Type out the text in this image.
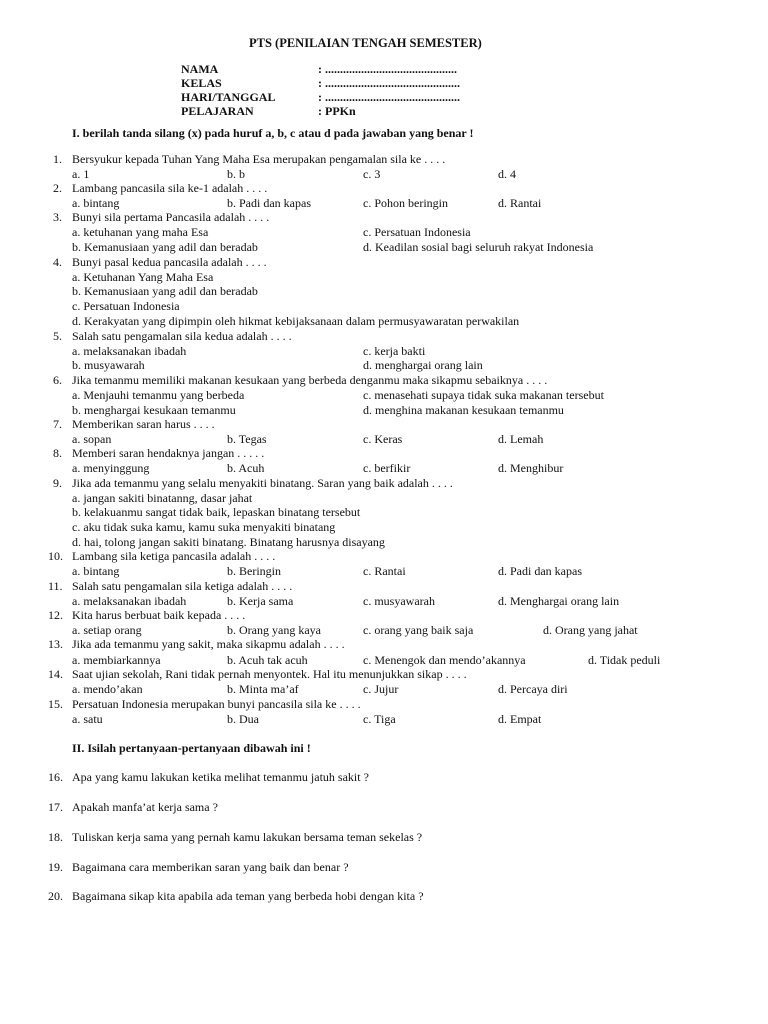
PTS (PENILAIAN TENGAH SEMESTER)
NAMA	: ............................................
KELAS	: .............................................
HARI/TANGGAL	: .............................................
PELAJARAN	: PPKn
I. berilah tanda silang (x) pada huruf a, b, c atau d pada jawaban yang benar !
1. Bersyukur kepada Tuhan Yang Maha Esa merupakan pengamalan sila ke . . . .
a. 1	b. b	c. 3	d. 4
2. Lambang pancasila sila ke-1 adalah . . . .
a. bintang	b. Padi dan kapas	c. Pohon beringin	d. Rantai
3. Bunyi sila pertama Pancasila adalah . . . .
a. ketuhanan yang maha Esa	c. Persatuan Indonesia
b. Kemanusiaan yang adil dan beradab	d. Keadilan sosial bagi seluruh rakyat Indonesia
4. Bunyi pasal kedua pancasila adalah . . . .
a. Ketuhanan Yang Maha Esa
b. Kemanusiaan yang adil dan beradab
c. Persatuan Indonesia
d. Kerakyatan yang dipimpin oleh hikmat kebijaksanaan dalam permusyawaratan perwakilan
5. Salah satu pengamalan sila kedua adalah . . . .
a. melaksanakan ibadah	c. kerja bakti
b. musyawarah	d. menghargai orang lain
6. Jika temanmu memiliki makanan kesukaan yang berbeda denganmu maka sikapmu sebaiknya . . . .
a. Menjauhi temanmu yang berbeda	c. menasehati supaya tidak suka makanan tersebut
b. menghargai kesukaan temanmu	d. menghina makanan kesukaan temanmu
7. Memberikan saran harus . . . .
a. sopan	b. Tegas	c. Keras	d. Lemah
8. Memberi saran hendaknya jangan . . . . .
a. menyinggung	b. Acuh	c. berfikir	d. Menghibur
9. Jika ada temanmu yang selalu menyakiti binatang. Saran yang baik adalah . . . .
a. jangan sakiti binatanng, dasar jahat
b. kelakuanmu sangat tidak baik, lepaskan binatang tersebut
c. aku tidak suka kamu, kamu suka menyakiti binatang
d. hai, tolong jangan sakiti binatang. Binatang harusnya disayang
10. Lambang sila ketiga pancasila adalah . . . .
a. bintang	b. Beringin	c. Rantai	d. Padi dan kapas
11. Salah satu pengamalan sila ketiga adalah . . . .
a. melaksanakan ibadah	b. Kerja sama	c. musyawarah	d. Menghargai orang lain
12. Kita harus berbuat baik kepada . . . .
a. setiap orang	b. Orang yang kaya	c. orang yang baik saja	d. Orang yang jahat
13. Jika ada temanmu yang sakit, maka sikapmu adalah . . . .
a. membiarkannya	b. Acuh tak acuh	c. Menengok dan mendo’akannya	d. Tidak peduli
14. Saat ujian sekolah, Rani tidak pernah menyontek. Hal itu menunjukkan sikap . . . .
a. mendo’akan	b. Minta ma’af	c. Jujur	d. Percaya diri
15. Persatuan Indonesia merupakan bunyi pancasila sila ke . . . .
a. satu	b. Dua	c. Tiga	d. Empat
II. Isilah pertanyaan-pertanyaan dibawah ini !
16. Apa yang kamu lakukan ketika melihat temanmu jatuh sakit ?
17. Apakah manfa’at kerja sama ?
18. Tuliskan kerja sama yang pernah kamu lakukan bersama teman sekelas ?
19. Bagaimana cara memberikan saran yang baik dan benar ?
20. Bagaimana sikap kita apabila ada teman yang berbeda hobi dengan kita ?
